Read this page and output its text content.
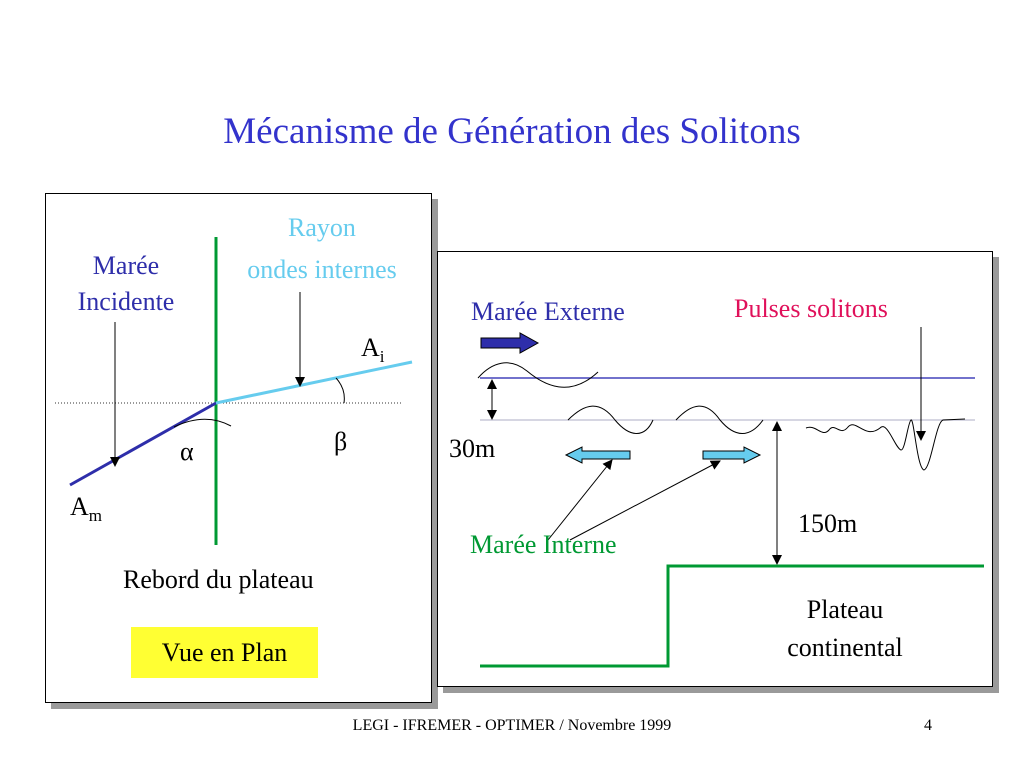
Mécanisme de Génération des Solitons
Marée
Incidente
Rayon
ondes internes
$A_i$
$A_m$
α	β
Rebord du plateau
Vue en Plan
Marée Externe	Pulses solitons
30m
150m
Marée Interne
Plateau
continental
LEGI - IFREMER - OPTIMER / Novembre 1999	4
